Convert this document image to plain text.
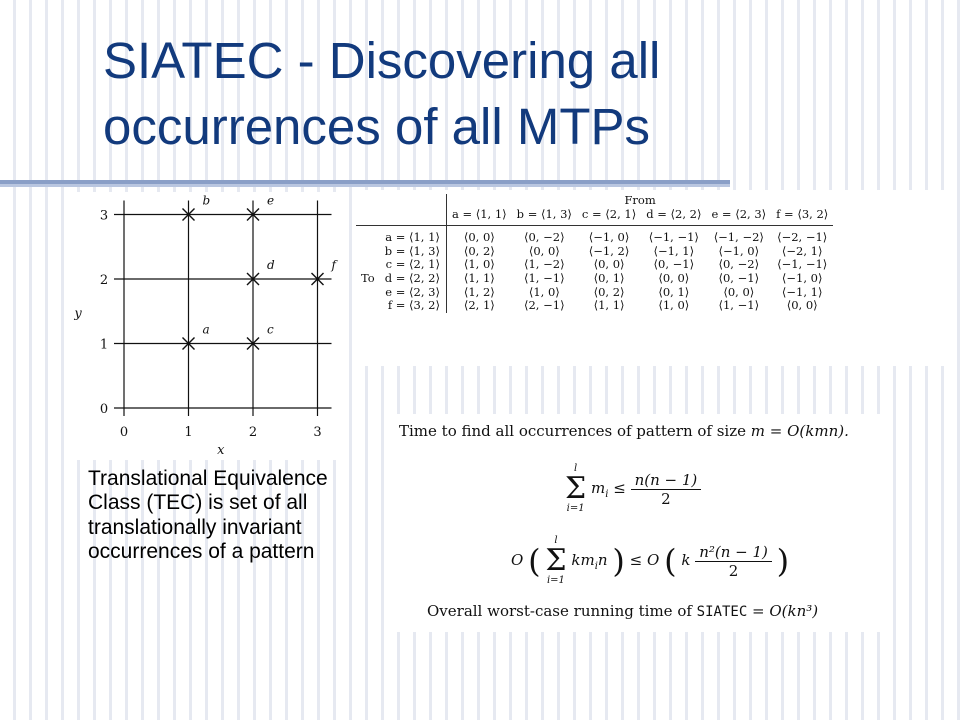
SIATEC - Discovering all occurrences of all MTPs
0	1	2	3
0
1
2
3
x
y
a
b
c
d
e
f
		From					
		a = ⟨1, 1⟩	b = ⟨1, 3⟩	c = ⟨2, 1⟩	d = ⟨2, 2⟩	e = ⟨2, 3⟩	f = ⟨3, 2⟩
	a = ⟨1, 1⟩	⟨0, 0⟩	⟨0, −2⟩	⟨−1, 0⟩	⟨−1, −1⟩	⟨−1, −2⟩	⟨−2, −1⟩
	b = ⟨1, 3⟩	⟨0, 2⟩	⟨0, 0⟩	⟨−1, 2⟩	⟨−1, 1⟩	⟨−1, 0⟩	⟨−2, 1⟩
	c = ⟨2, 1⟩	⟨1, 0⟩	⟨1, −2⟩	⟨0, 0⟩	⟨0, −1⟩	⟨0, −2⟩	⟨−1, −1⟩
To	d = ⟨2, 2⟩	⟨1, 1⟩	⟨1, −1⟩	⟨0, 1⟩	⟨0, 0⟩	⟨0, −1⟩	⟨−1, 0⟩
	e = ⟨2, 3⟩	⟨1, 2⟩	⟨1, 0⟩	⟨0, 2⟩	⟨0, 1⟩	⟨0, 0⟩	⟨−1, 1⟩
	f = ⟨3, 2⟩	⟨2, 1⟩	⟨2, −1⟩	⟨1, 1⟩	⟨1, 0⟩	⟨1, −1⟩	⟨0, 0⟩
Time to find all occurrences of pattern of size m = O(kmn).
l
Σ
i=1
$m_i \le \frac{n(n - 1)}{2}$
O (
l
Σ
i=1
$km_in$ ) ≤ O ( k $\frac{\text{n²(n − 1)}}{2}$ )
Overall worst-case running time of SIATEC = O(kn³)
Translational Equivalence Class (TEC) is set of all translationally invariant occurrences of a pattern
